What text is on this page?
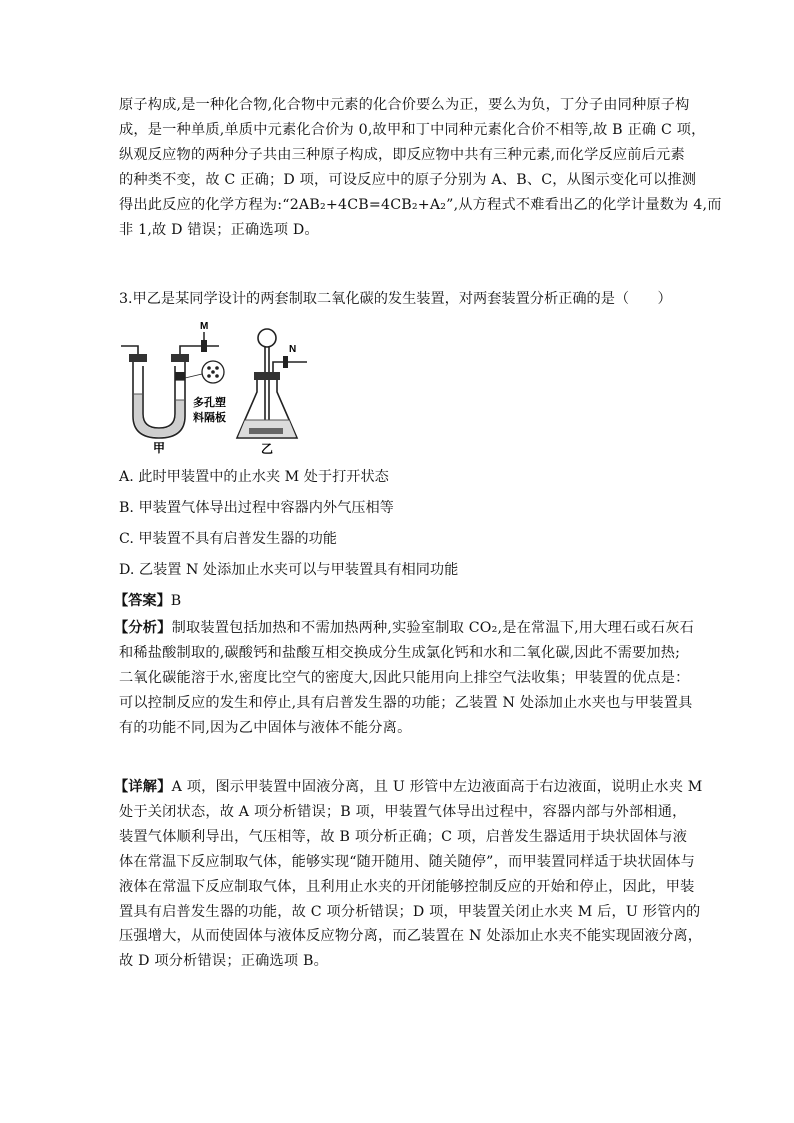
原子构成,是一种化合物,化合物中元素的化合价要么为正，要么为负，丁分子由同种原子构
成，是一种单质,单质中元素化合价为 0,故甲和丁中同种元素化合价不相等,故 B 正确 C 项，
纵观反应物的两种分子共由三种原子构成，即反应物中共有三种元素,而化学反应前后元素
的种类不变，故 C 正确；D 项，可设反应中的原子分别为 A、B、C，从图示变化可以推测
得出此反应的化学方程为:“2AB₂+4CB=4CB₂+A₂”,从方程式不难看出乙的化学计量数为 4,而
非 1,故 D 错误；正确选项 D。
3.甲乙是某同学设计的两套制取二氧化碳的发生装置，对两套装置分析正确的是（　　）
M
多孔塑
料隔板
甲
N
乙
A. 此时甲装置中的止水夹 M 处于打开状态
B. 甲装置气体导出过程中容器内外气压相等
C. 甲装置不具有启普发生器的功能
D. 乙装置 N 处添加止水夹可以与甲装置具有相同功能
【答案】B
【分析】制取装置包括加热和不需加热两种,实验室制取 CO₂,是在常温下,用大理石或石灰石
和稀盐酸制取的,碳酸钙和盐酸互相交换成分生成氯化钙和水和二氧化碳,因此不需要加热;
二氧化碳能溶于水,密度比空气的密度大,因此只能用向上排空气法收集；甲装置的优点是：
可以控制反应的发生和停止,具有启普发生器的功能；乙装置 N 处添加止水夹也与甲装置具
有的功能不同,因为乙中固体与液体不能分离。
【详解】A 项，图示甲装置中固液分离，且 U 形管中左边液面高于右边液面，说明止水夹 M
处于关闭状态，故 A 项分析错误；B 项，甲装置气体导出过程中，容器内部与外部相通，
装置气体顺利导出，气压相等，故 B 项分析正确；C 项，启普发生器适用于块状固体与液
体在常温下反应制取气体，能够实现“随开随用、随关随停”，而甲装置同样适于块状固体与
液体在常温下反应制取气体，且利用止水夹的开闭能够控制反应的开始和停止，因此，甲装
置具有启普发生器的功能，故 C 项分析错误；D 项，甲装置关闭止水夹 M 后，U 形管内的
压强增大，从而使固体与液体反应物分离，而乙装置在 N 处添加止水夹不能实现固液分离，
故 D 项分析错误；正确选项 B。
